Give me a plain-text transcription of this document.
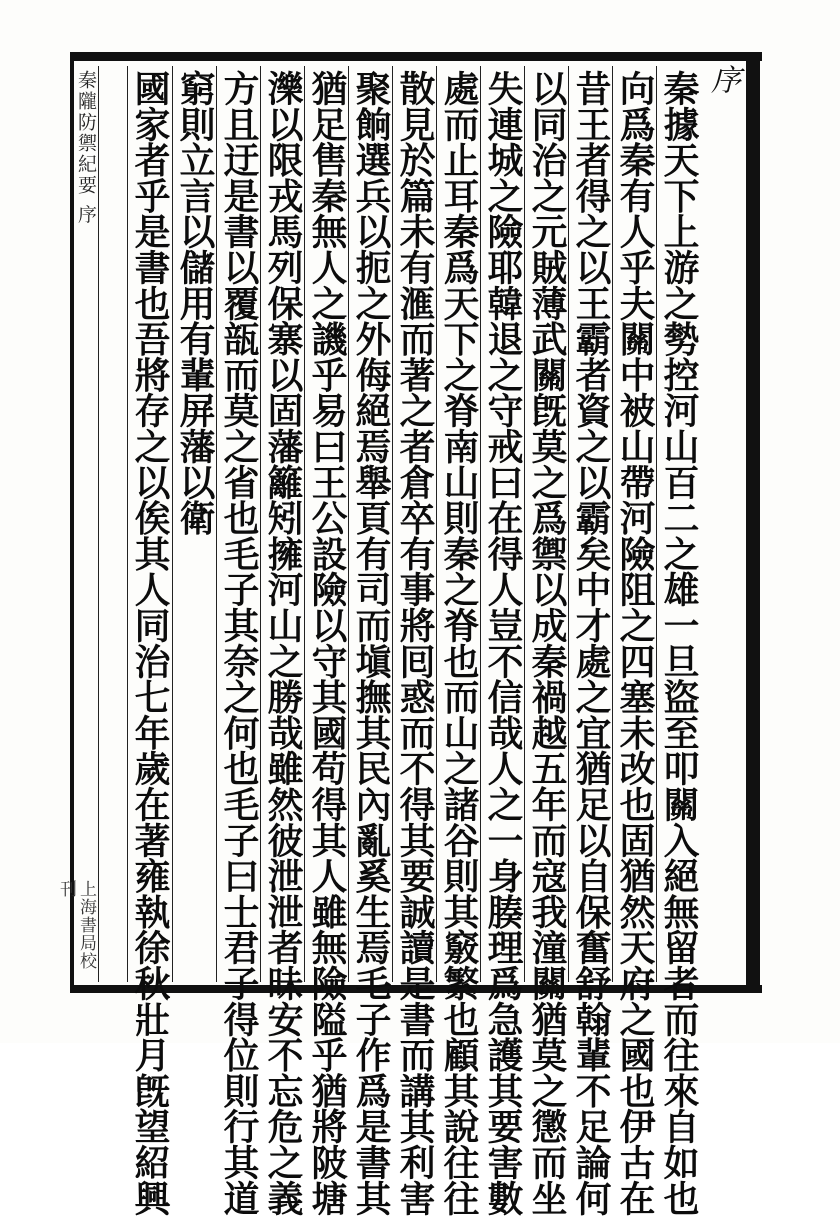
秦隴防禦紀要 序
上海書局校刊
序
秦據天下上游之勢控河山百二之雄一旦盜至叩關入絕無留者而往來自如也
向爲秦有人乎夫關中被山帶河險阻之四塞未改也固猶然天府之國也伊古在
昔王者得之以王霸者資之以霸矣中才處之宜猶足以自保奮舒翰輩不足論何
以同治之元賊薄武關旣莫之爲禦以成秦禍越五年而寇我潼關猶莫之懲而坐
失連城之險耶韓退之守戒曰在得人豈不信哉人之一身腠理爲急護其要害數
處而止耳秦爲天下之脊南山則秦之脊也而山之諸谷則其竅繁也顧其說往往
散見於篇未有滙而著之者倉卒有事將囘惑而不得其要誠讀是書而講其利害
聚餉選兵以扼之外侮絕焉舉頁有司而塡撫其民內亂奚生焉毛子作爲是書其
猶足售秦無人之譏乎易曰王公設險以守其國苟得其人雖無險隘乎猶將陂塘
濼以限戎馬列保寨以固藩籬矧擁河山之勝哉雖然彼泄泄者昧安不忘危之義
方且迂是書以覆瓿而莫之省也毛子其奈之何也毛子曰士君子得位則行其道
窮則立言以儲用有輩屏藩以衛
國家者乎是書也吾將存之以俟其人同治七年歲在著雍執徐秋壯月旣望紹興
